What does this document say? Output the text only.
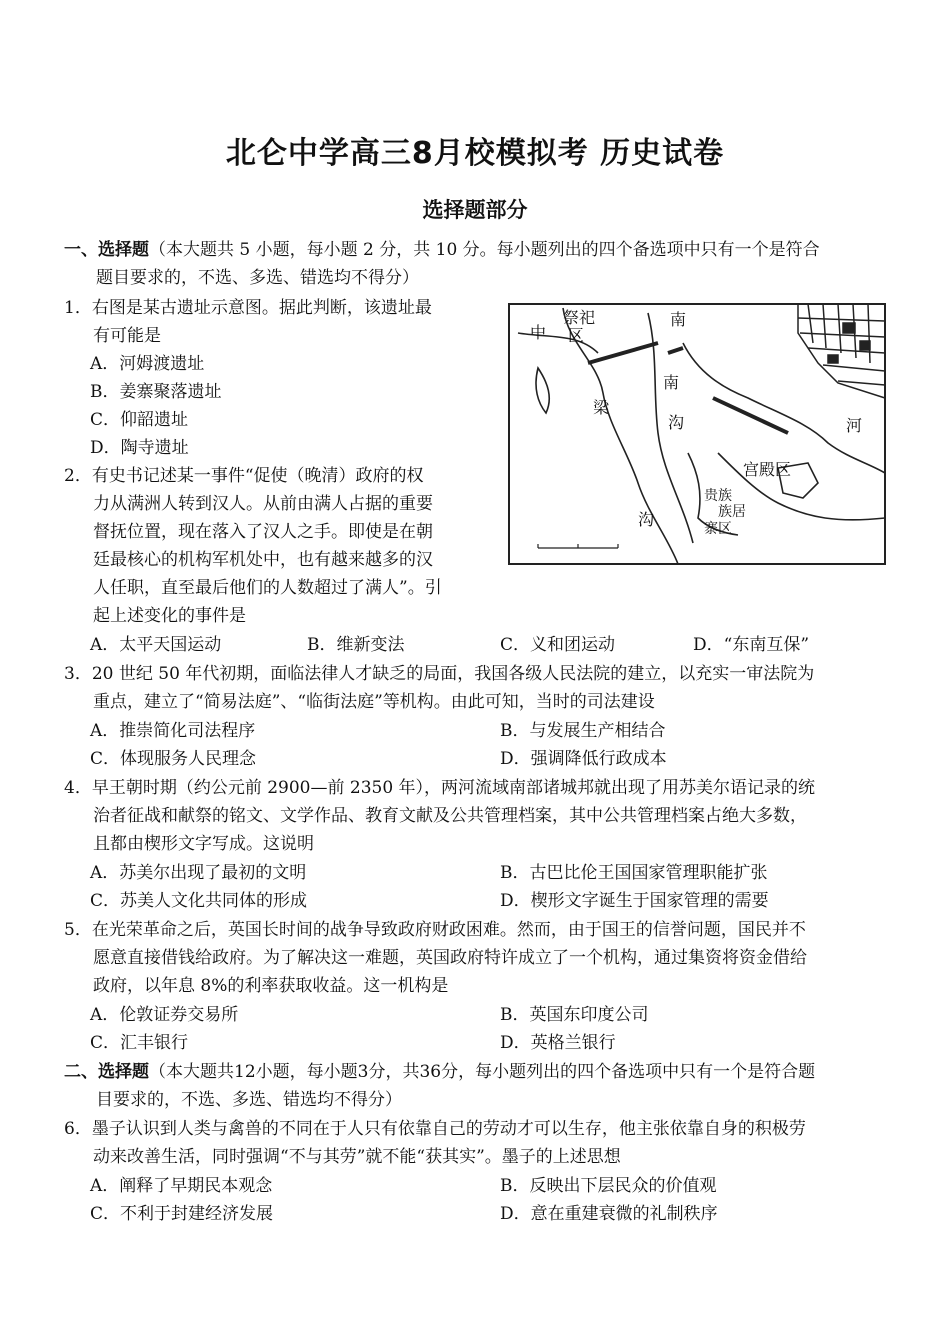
北仑中学高三8月校模拟考 历史试卷
选择题部分
一、选择题（本大题共 5 小题，每小题 2 分，共 10 分。每小题列出的四个备选项中只有一个是符合
题目要求的，不选、多选、错选均不得分）
1．右图是某古遗址示意图。据此判断，该遗址最
有可能是
A．河姆渡遗址
B．姜寨聚落遗址
C．仰韶遗址
D．陶寺遗址
祭祀
区
中
南
南
梁
沟	河
宫殿区
贵族
族居
寨区
沟
2．有史书记述某一事件“促使（晚清）政府的权
力从满洲人转到汉人。从前由满人占据的重要
督抚位置，现在落入了汉人之手。即使是在朝
廷最核心的机构军机处中，也有越来越多的汉
人任职，直至最后他们的人数超过了满人”。引
起上述变化的事件是
A．太平天国运动	B．维新变法	C．义和团运动	D．“东南互保”
3．20 世纪 50 年代初期，面临法律人才缺乏的局面，我国各级人民法院的建立，以充实一审法院为
重点，建立了“简易法庭”、“临街法庭”等机构。由此可知，当时的司法建设
A．推崇简化司法程序	B．与发展生产相结合
C．体现服务人民理念	D．强调降低行政成本
4．早王朝时期（约公元前 2900—前 2350 年），两河流域南部诸城邦就出现了用苏美尔语记录的统
治者征战和献祭的铭文、文学作品、教育文献及公共管理档案，其中公共管理档案占绝大多数，
且都由楔形文字写成。这说明
A．苏美尔出现了最初的文明	B．古巴比伦王国国家管理职能扩张
C．苏美人文化共同体的形成	D．楔形文字诞生于国家管理的需要
5．在光荣革命之后，英国长时间的战争导致政府财政困难。然而，由于国王的信誉问题，国民并不
愿意直接借钱给政府。为了解决这一难题，英国政府特许成立了一个机构，通过集资将资金借给
政府，以年息 8%的利率获取收益。这一机构是
A．伦敦证券交易所	B．英国东印度公司
C．汇丰银行	D．英格兰银行
二、选择题（本大题共12小题，每小题3分，共36分，每小题列出的四个备选项中只有一个是符合题
目要求的，不选、多选、错选均不得分）
6．墨子认识到人类与禽兽的不同在于人只有依靠自己的劳动才可以生存，他主张依靠自身的积极劳
动来改善生活，同时强调“不与其劳”就不能“获其实”。墨子的上述思想
A．阐释了早期民本观念	B．反映出下层民众的价值观
C．不利于封建经济发展	D．意在重建衰微的礼制秩序
